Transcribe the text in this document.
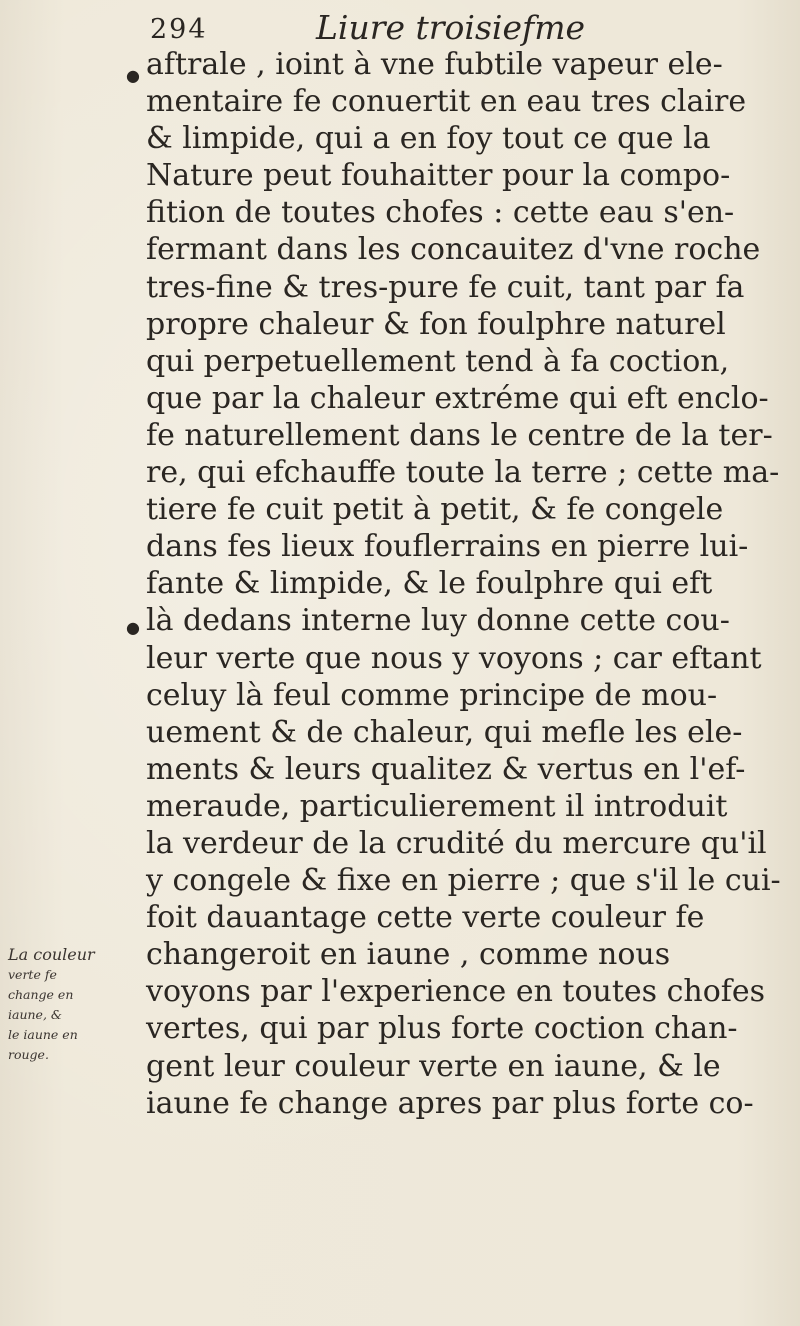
294	Liure troisiefme
●
●
aftrale , ioint à vne fubtile vapeur ele-
mentaire fe conuertit en eau tres claire
& limpide, qui a en foy tout ce que la
Nature peut fouhaitter pour la compo-
fition de toutes chofes : cette eau s'en-
fermant dans les concauitez d'vne roche
tres-fine & tres-pure fe cuit, tant par fa
propre chaleur & fon foulphre naturel
qui perpetuellement tend à fa coction,
que par la chaleur extréme qui eft enclo-
fe naturellement dans le centre de la ter-
re, qui efchauffe toute la terre ; cette ma-
tiere fe cuit petit à petit, & fe congele
dans fes lieux fouflerrains en pierre lui-
fante & limpide, & le foulphre qui eft
là dedans interne luy donne cette cou-
leur verte que nous y voyons ; car eftant
celuy là feul comme principe de mou-
uement & de chaleur, qui mefle les ele-
ments & leurs qualitez & vertus en l'ef-
meraude, particulierement il introduit
la verdeur de la crudité du mercure qu'il
y congele & fixe en pierre ; que s'il le cui-
foit dauantage cette verte couleur fe
changeroit en iaune , comme nous
voyons par l'experience en toutes chofes
vertes, qui par plus forte coction chan-
gent leur couleur verte en iaune, & le
iaune fe change apres par plus forte co-
La couleur
verte fe
change en
iaune, &
le iaune en
rouge.
